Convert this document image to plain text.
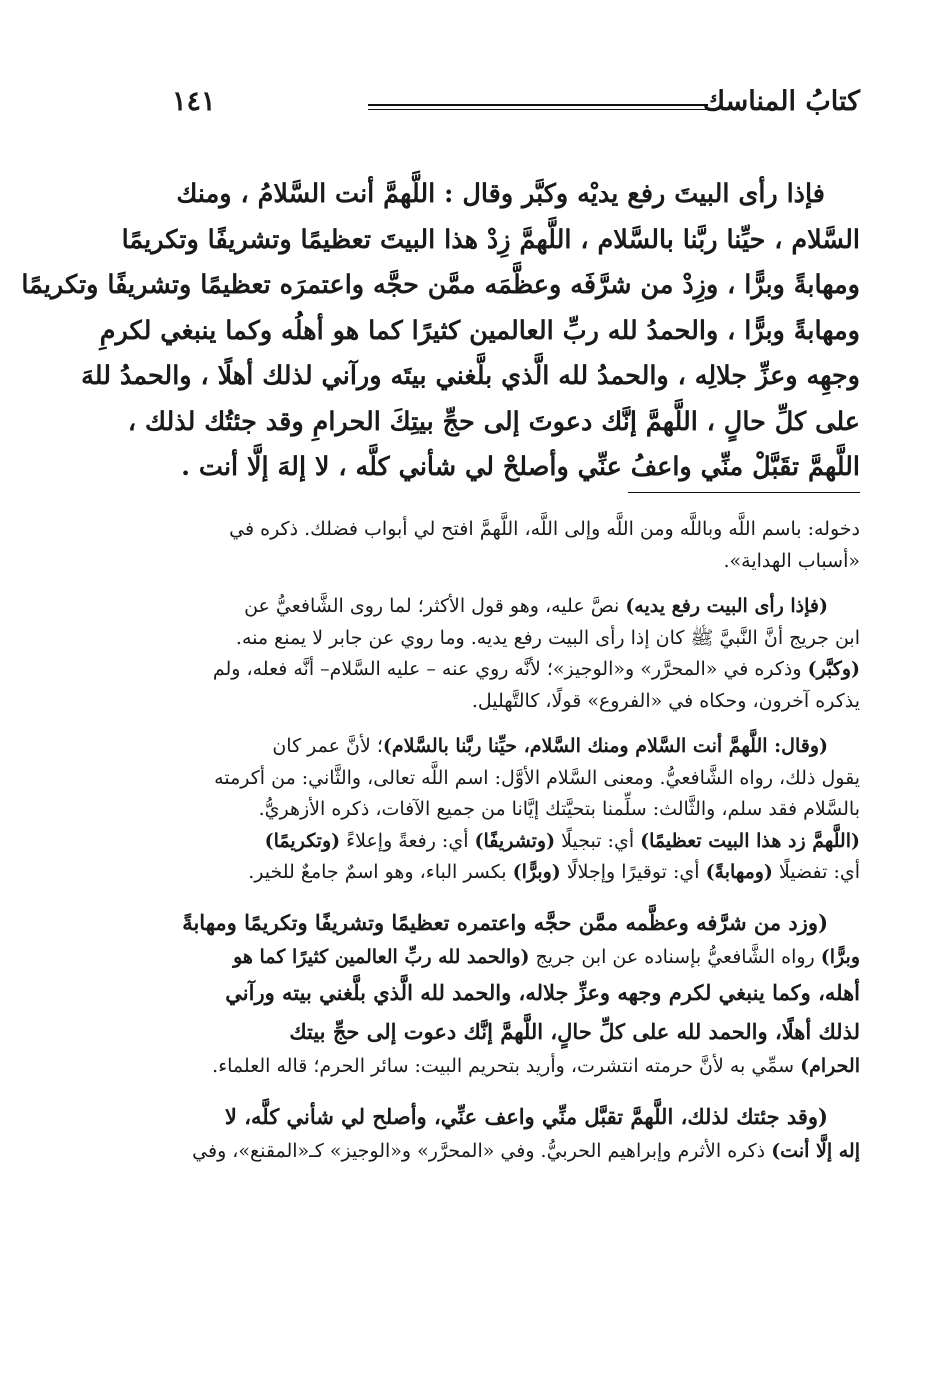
كتابُ المناسك
١٤١
فإذا رأى البيتَ رفع يديْه وكبَّر وقال : اللَّهمَّ أنت السَّلامُ ، ومنك
السَّلام ، حيِّنا ربَّنا بالسَّلام ، اللَّهمَّ زِدْ هذا البيتَ تعظيمًا وتشريفًا وتكريمًا
ومهابةً وبرًّا ، وزِدْ من شرَّفَه وعظَّمَه ممَّن حجَّه واعتمرَه تعظيمًا وتشريفًا وتكريمًا
ومهابةً وبرًّا ، والحمدُ لله ربِّ العالمين كثيرًا كما هو أهلُه وكما ينبغي لكرمِ
وجهِه وعزِّ جلالِه ، والحمدُ لله الَّذي بلَّغني بيتَه ورآني لذلك أهلًا ، والحمدُ للهَ
على كلِّ حالٍ ، اللَّهمَّ إنَّك دعوتَ إلى حجِّ بيتِكَ الحرامِ وقد جئتُك لذلك ،
اللَّهمَّ تقَبَّلْ منِّي واعفُ عنِّي وأصلحْ لي شأني كلَّه ، لا إلهَ إلَّا أنت .
دخوله: باسم اللَّه وباللَّه ومن اللَّه وإلى اللَّه، اللَّهمَّ افتح لي أبواب فضلك. ذكره في
«أسباب الهداية».
(فإذا رأى البيت رفع يديه) نصَّ عليه، وهو قول الأكثر؛ لما روى الشَّافعيُّ عن
ابن جريج أنَّ النَّبيَّ ﷺ كان إذا رأى البيت رفع يديه. وما روي عن جابر لا يمنع منه.
(وكبَّر) وذكره في «المحرَّر» و«الوجيز»؛ لأنَّه روي عنه – عليه السَّلام– أنَّه فعله، ولم
يذكره آخرون، وحكاه في «الفروع» قولًا، كالتَّهليل.
(وقال: اللَّهمَّ أنت السَّلام ومنك السَّلام، حيِّنا ربَّنا بالسَّلام)؛ لأنَّ عمر كان
يقول ذلك، رواه الشَّافعيُّ. ومعنى السَّلام الأوَّل: اسم اللَّه تعالى، والثَّاني: من أكرمته
بالسَّلام فقد سلم، والثَّالث: سلِّمنا بتحيَّتك إيَّانا من جميع الآفات، ذكره الأزهريُّ.
(اللَّهمَّ زد هذا البيت تعظيمًا) أي: تبجيلًا (وتشريفًا) أي: رفعةً وإعلاءً (وتكريمًا)
أي: تفضيلًا (ومهابةً) أي: توقيرًا وإجلالًا (وبرًّا) بكسر الباء، وهو اسمٌ جامعٌ للخير.
(وزد من شرَّفه وعظَّمه ممَّن حجَّه واعتمره تعظيمًا وتشريفًا وتكريمًا ومهابةً
وبرًّا) رواه الشَّافعيُّ بإسناده عن ابن جريج (والحمد لله ربِّ العالمين كثيرًا كما هو
أهله، وكما ينبغي لكرم وجهه وعزِّ جلاله، والحمد لله الَّذي بلَّغني بيته ورآني
لذلك أهلًا، والحمد لله على كلِّ حالٍ، اللَّهمَّ إنَّك دعوت إلى حجِّ بيتك
الحرام) سمِّي به لأنَّ حرمته انتشرت، وأريد بتحريم البيت: سائر الحرم؛ قاله العلماء.
(وقد جئتك لذلك، اللَّهمَّ تقبَّل منِّي واعف عنِّي، وأصلح لي شأني كلَّه، لا
إله إلَّا أنت) ذكره الأثرم وإبراهيم الحربيُّ. وفي «المحرَّر» و«الوجيز» كـ«المقنع»، وفي
